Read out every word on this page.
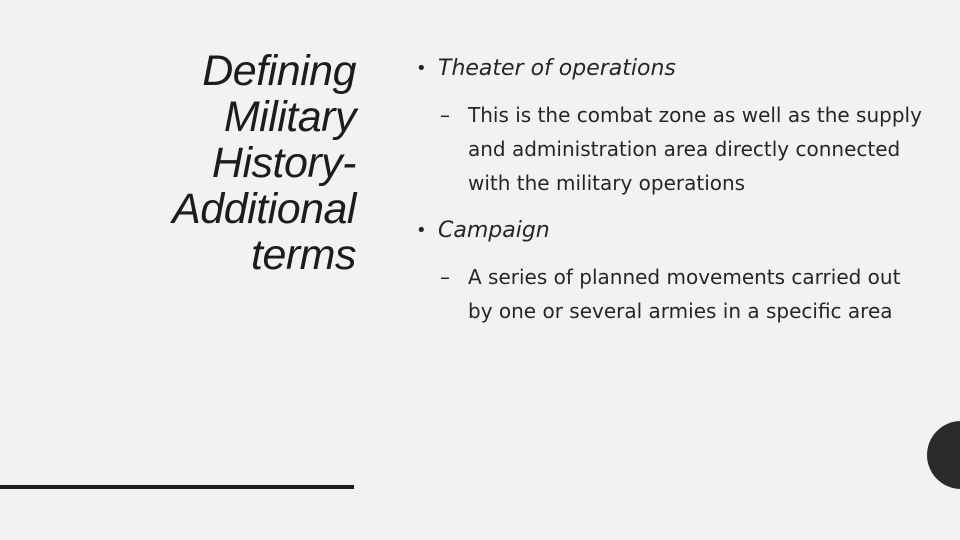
Defining
Military
History-
Additional
terms
• Theater of operations
– This is the combat zone as well as the supply and administration area directly connected with the military operations
• Campaign
– A series of planned movements carried out by one or several armies in a specific area
